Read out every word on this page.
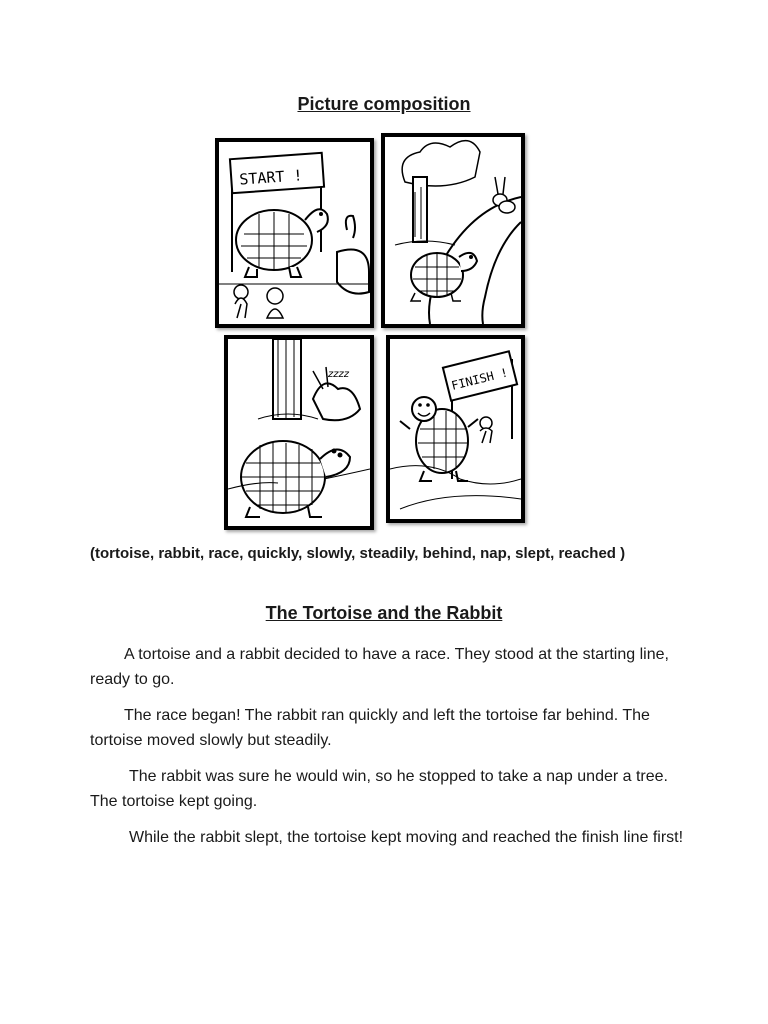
Picture composition
START !
zzzz	FINISH !
(tortoise, rabbit, race, quickly, slowly, steadily, behind, nap, slept, reached )
The Tortoise and the Rabbit
A tortoise and a rabbit decided to have a race. They stood at the starting line, ready to go.
The race began! The rabbit ran quickly and left the tortoise far behind. The tortoise moved slowly but steadily.
The rabbit was sure he would win, so he stopped to take a nap under a tree. The tortoise kept going.
While the rabbit slept, the tortoise kept moving and reached the finish line first!
